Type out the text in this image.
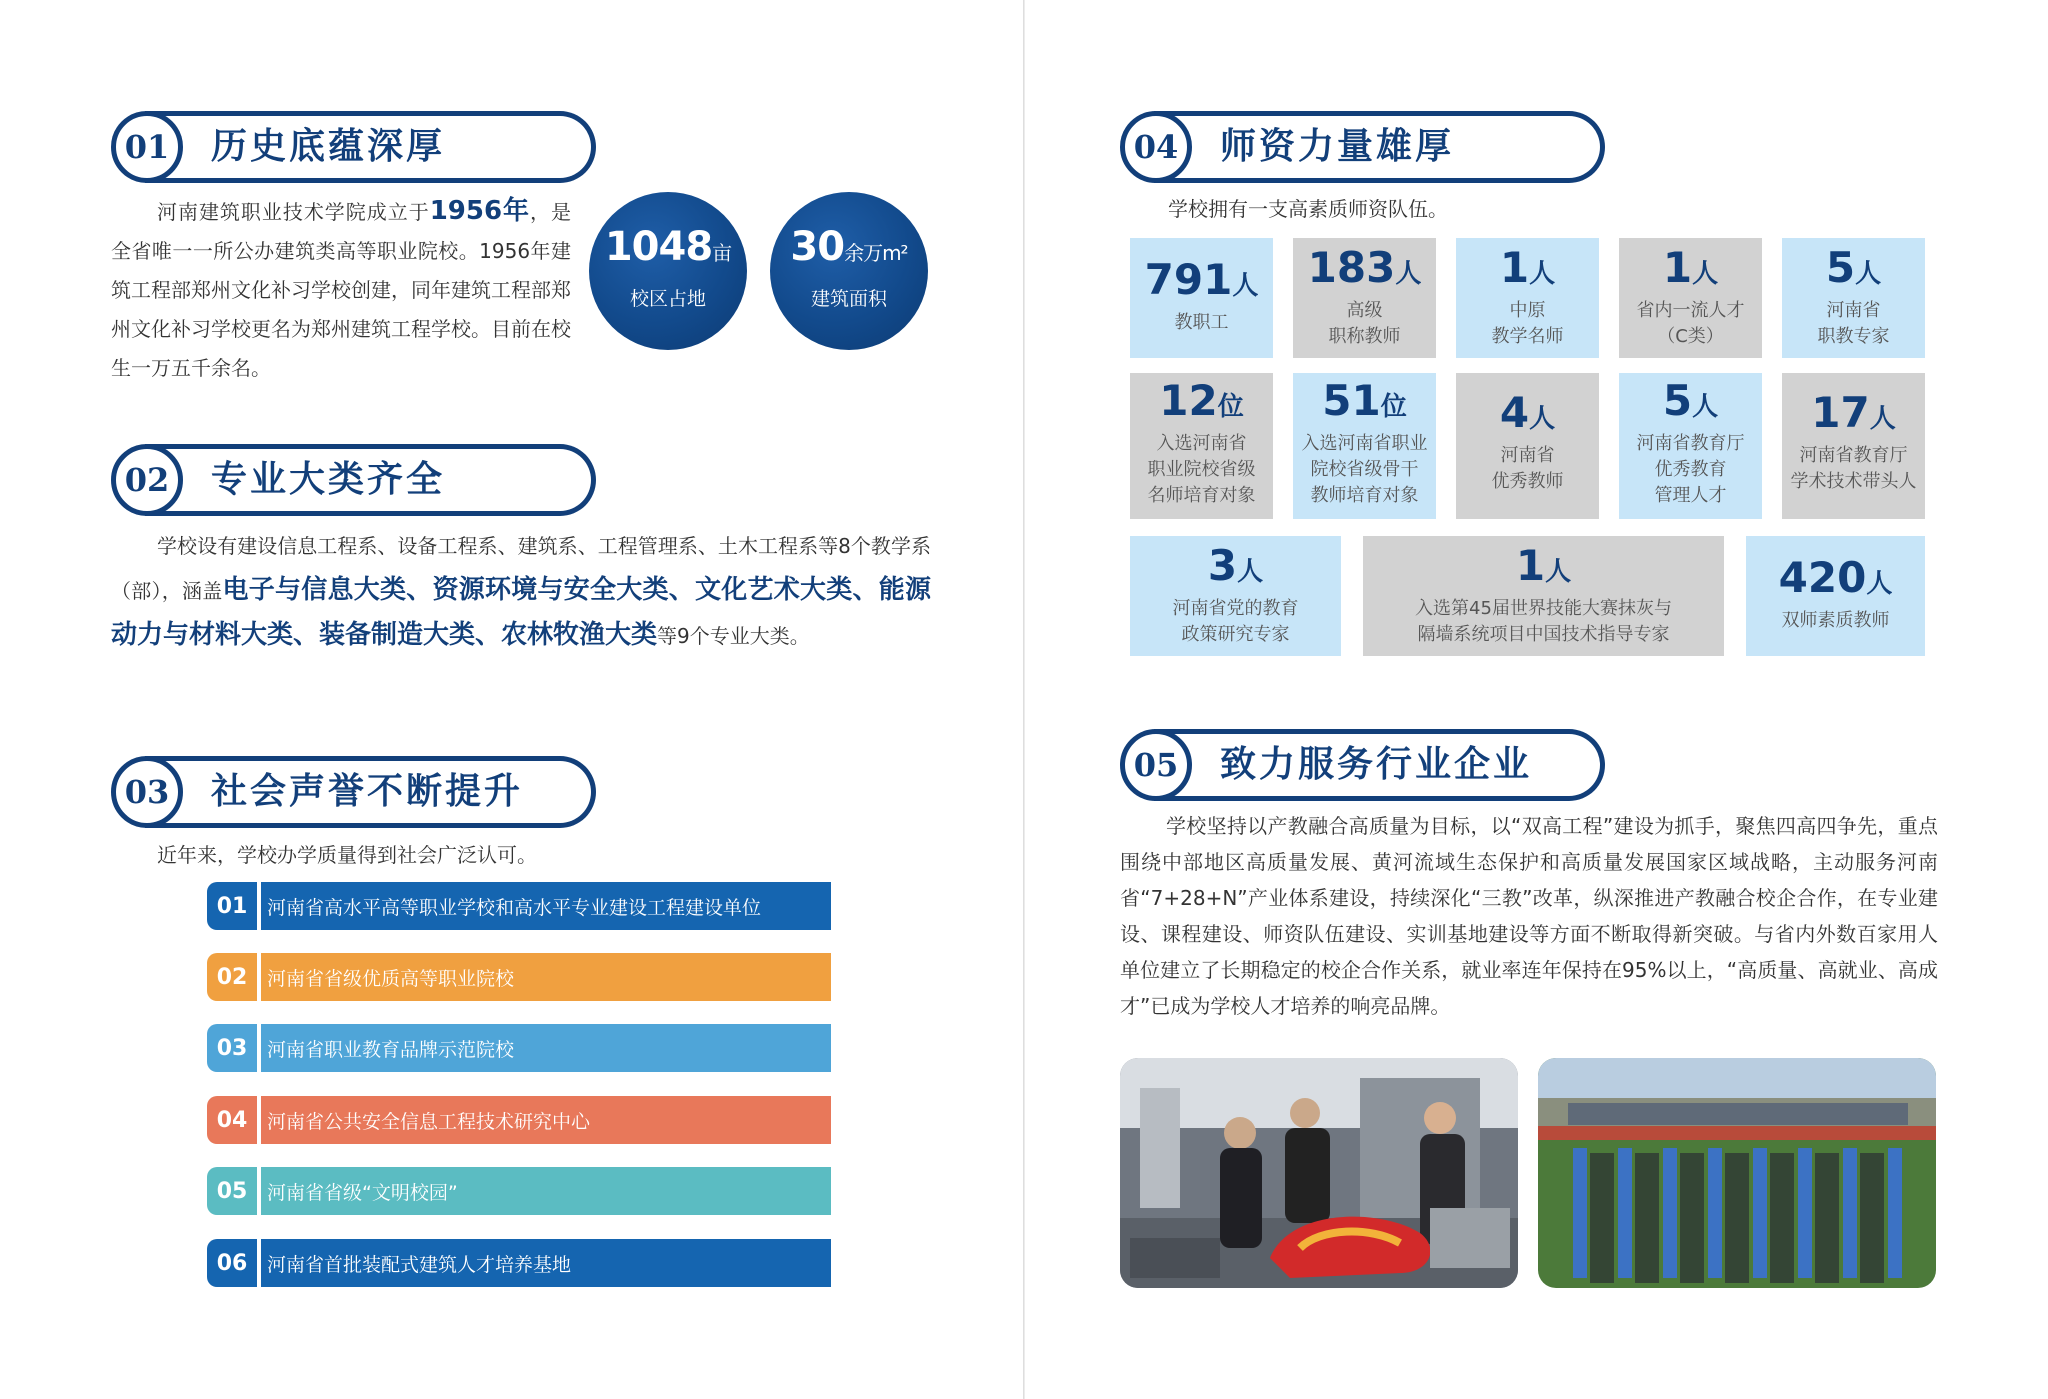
01	历史底蕴深厚
河南建筑职业技术学院成立于1956年，是全省唯一一所公办建筑类高等职业院校。1956年建筑工程部郑州文化补习学校创建，同年建筑工程部郑州文化补习学校更名为郑州建筑工程学校。目前在校生一万五千余名。
1048亩
校区占地
30余万m²
建筑面积
02	专业大类齐全
学校设有建设信息工程系、设备工程系、建筑系、工程管理系、土木工程系等8个教学系（部），涵盖电子与信息大类、资源环境与安全大类、文化艺术大类、能源动力与材料大类、装备制造大类、农林牧渔大类等9个专业大类。
03	社会声誉不断提升
近年来，学校办学质量得到社会广泛认可。
01	河南省高水平高等职业学校和高水平专业建设工程建设单位
02	河南省省级优质高等职业院校
03	河南省职业教育品牌示范院校
04	河南省公共安全信息工程技术研究中心
05	河南省省级“文明校园”
06	河南省首批装配式建筑人才培养基地
04	师资力量雄厚
学校拥有一支高素质师资队伍。
791人
教职工
183人
高级
职称教师
1人
中原
教学名师
1人
省内一流人才
（C类）
5人
河南省
职教专家
12位
入选河南省
职业院校省级
名师培育对象
51位
入选河南省职业
院校省级骨干
教师培育对象
4人
河南省
优秀教师
5人
河南省教育厅
优秀教育
管理人才
17人
河南省教育厅
学术技术带头人
3人
河南省党的教育
政策研究专家
1人
入选第45届世界技能大赛抹灰与
隔墙系统项目中国技术指导专家
420人
双师素质教师
05	致力服务行业企业
学校坚持以产教融合高质量为目标，以“双高工程”建设为抓手，聚焦四高四争先，重点围绕中部地区高质量发展、黄河流域生态保护和高质量发展国家区域战略，主动服务河南省“7+28+N”产业体系建设，持续深化“三教”改革，纵深推进产教融合校企合作，在专业建设、课程建设、师资队伍建设、实训基地建设等方面不断取得新突破。与省内外数百家用人单位建立了长期稳定的校企合作关系，就业率连年保持在95%以上，“高质量、高就业、高成才”已成为学校人才培养的响亮品牌。
